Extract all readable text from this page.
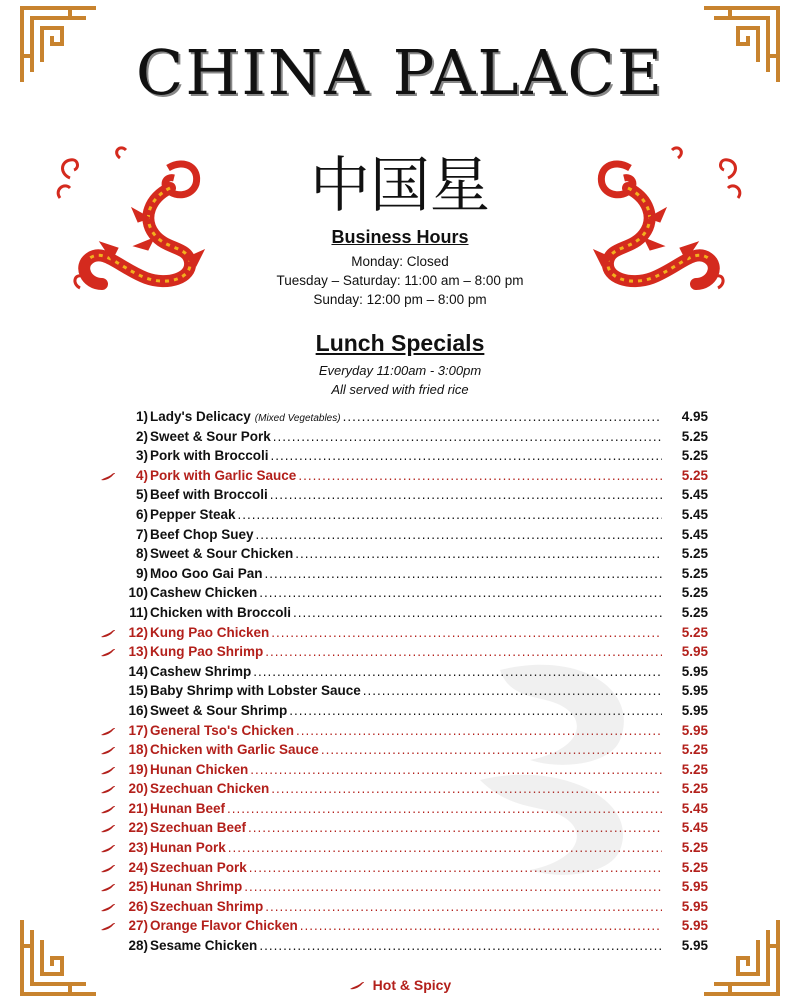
CHINA PALACE
中国星
Business Hours
Monday: Closed
Tuesday – Saturday: 11:00 am – 8:00 pm
Sunday: 12:00 pm – 8:00 pm
Lunch Specials
Everyday 11:00am - 3:00pm
All served with fried rice
1) Lady's Delicacy (Mixed Vegetables) .....	4.95
2) Sweet & Sour Pork .....	5.25
3) Pork with Broccoli .....	5.25
4) Pork with Garlic Sauce .....	5.25
5) Beef with Broccoli .....	5.45
6) Pepper Steak .....	5.45
7) Beef Chop Suey .....	5.45
8) Sweet & Sour Chicken .....	5.25
9) Moo Goo Gai Pan .....	5.25
10) Cashew Chicken .....	5.25
11) Chicken with Broccoli .....	5.25
12) Kung Pao Chicken .....	5.25
13) Kung Pao Shrimp .....	5.95
14) Cashew Shrimp .....	5.95
15) Baby Shrimp with Lobster Sauce .....	5.95
16) Sweet & Sour Shrimp .....	5.95
17) General Tso's Chicken .....	5.95
18) Chicken with Garlic Sauce .....	5.25
19) Hunan Chicken .....	5.25
20) Szechuan Chicken .....	5.25
21) Hunan Beef .....	5.45
22) Szechuan Beef .....	5.45
23) Hunan Pork .....	5.25
24) Szechuan Pork .....	5.25
25) Hunan Shrimp .....	5.95
26) Szechuan Shrimp .....	5.95
27) Orange Flavor Chicken .....	5.95
28) Sesame Chicken .....	5.95
Hot & Spicy
